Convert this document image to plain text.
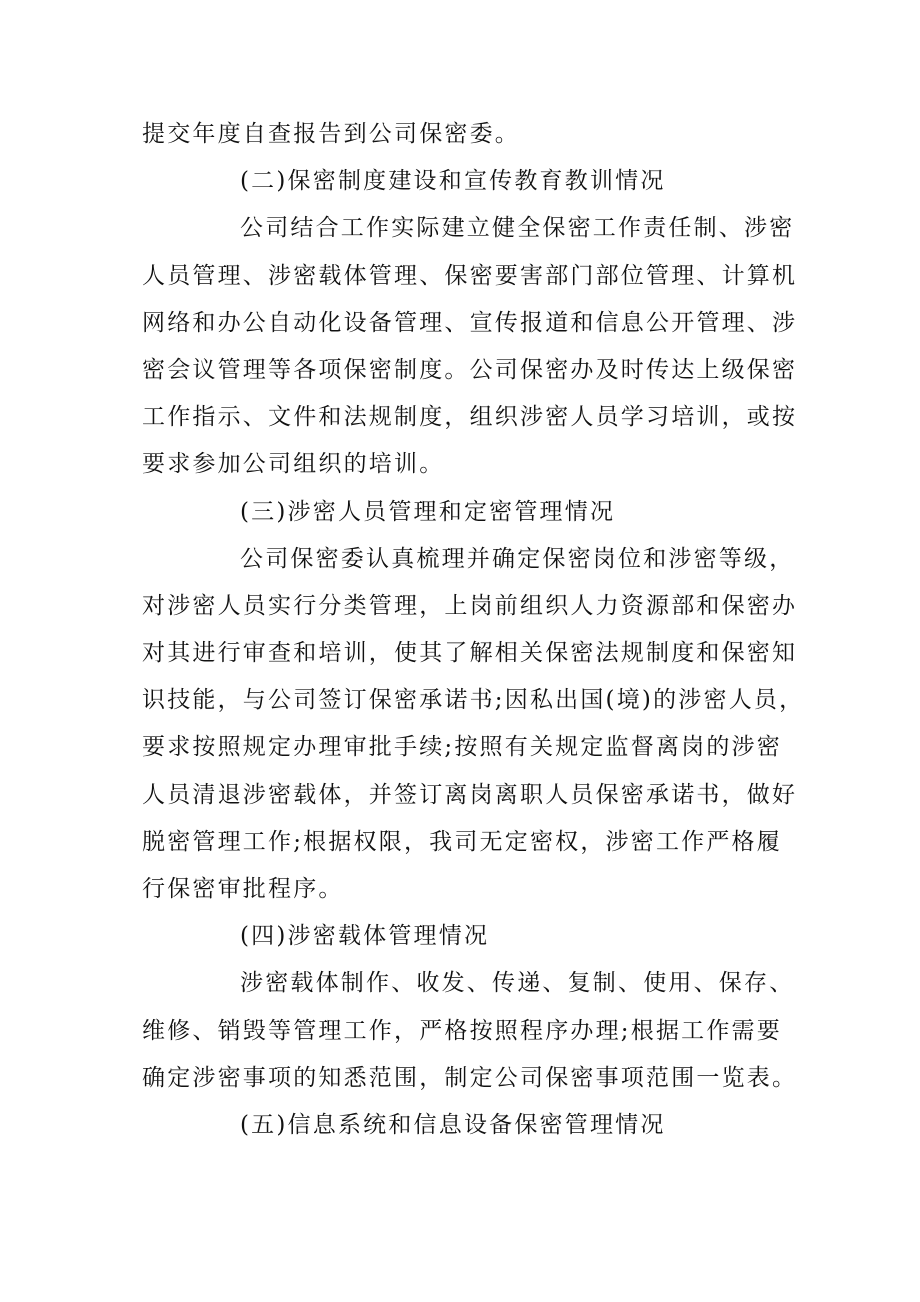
提交年度自查报告到公司保密委。
(二)保密制度建设和宣传教育教训情况
公司结合工作实际建立健全保密工作责任制、涉密
人员管理、涉密载体管理、保密要害部门部位管理、计算机
网络和办公自动化设备管理、宣传报道和信息公开管理、涉
密会议管理等各项保密制度。公司保密办及时传达上级保密
工作指示、文件和法规制度，组织涉密人员学习培训，或按
要求参加公司组织的培训。
(三)涉密人员管理和定密管理情况
公司保密委认真梳理并确定保密岗位和涉密等级，
对涉密人员实行分类管理，上岗前组织人力资源部和保密办
对其进行审查和培训，使其了解相关保密法规制度和保密知
识技能，与公司签订保密承诺书;因私出国(境)的涉密人员，
要求按照规定办理审批手续;按照有关规定监督离岗的涉密
人员清退涉密载体，并签订离岗离职人员保密承诺书，做好
脱密管理工作;根据权限，我司无定密权，涉密工作严格履
行保密审批程序。
(四)涉密载体管理情况
涉密载体制作、收发、传递、复制、使用、保存、
维修、销毁等管理工作，严格按照程序办理;根据工作需要
确定涉密事项的知悉范围，制定公司保密事项范围一览表。
(五)信息系统和信息设备保密管理情况
